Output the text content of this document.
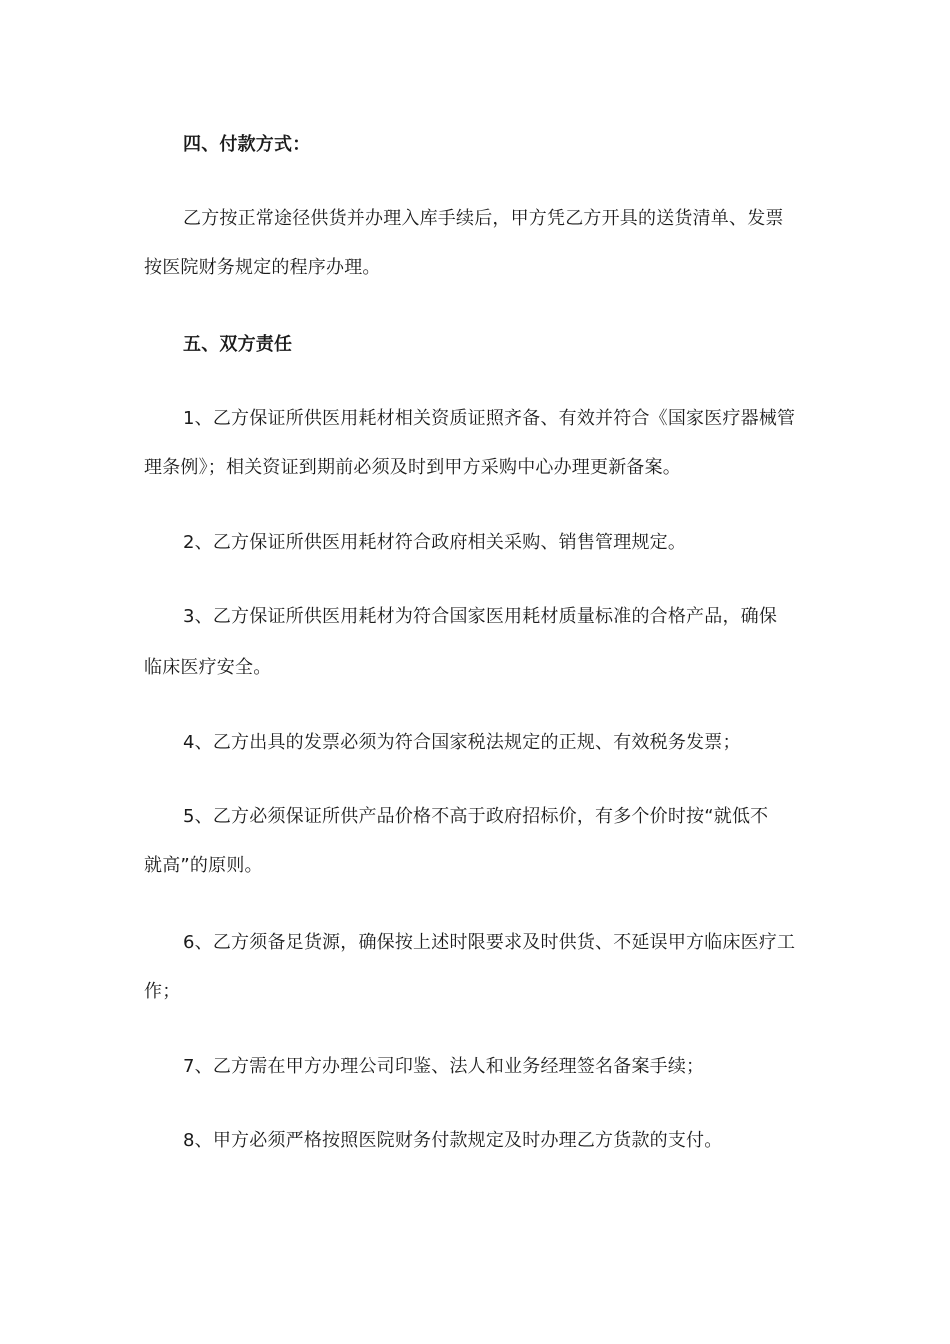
四、付款方式：
乙方按正常途径供货并办理入库手续后，甲方凭乙方开具的送货清单、发票
按医院财务规定的程序办理。
五、双方责任
1、乙方保证所供医用耗材相关资质证照齐备、有效并符合《国家医疗器械管
理条例》；相关资证到期前必须及时到甲方采购中心办理更新备案。
2、乙方保证所供医用耗材符合政府相关采购、销售管理规定。
3、乙方保证所供医用耗材为符合国家医用耗材质量标准的合格产品，确保
临床医疗安全。
4、乙方出具的发票必须为符合国家税法规定的正规、有效税务发票；
5、乙方必须保证所供产品价格不高于政府招标价，有多个价时按“就低不
就高”的原则。
6、乙方须备足货源，确保按上述时限要求及时供货、不延误甲方临床医疗工
作；
7、乙方需在甲方办理公司印鉴、法人和业务经理签名备案手续；
8、甲方必须严格按照医院财务付款规定及时办理乙方货款的支付。
